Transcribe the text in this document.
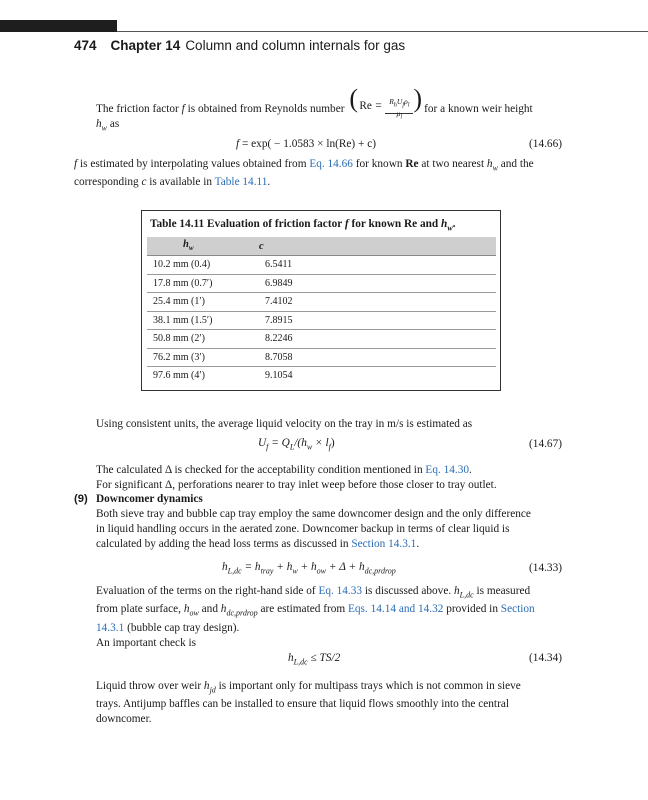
474 Chapter 14 Column and column internals for gas
The friction factor f is obtained from Reynolds number ( Re =	$R_hU_f\rho_l$
$\mu_l$
) for a known weir height
$h_w$ as
f = exp( − 1.0583 × ln(Re) + c)	(14.66)
f is estimated by interpolating values obtained from Eq. 14.66 for known Re at two nearest $h_w$ and the
corresponding c is available in Table 14.11.
Table 14.11 Evaluation of friction factor f for known Re and $h_w$.
$h_w$	c
10.2 mm (0.4)	6.5411
17.8 mm (0.7′)	6.9849
25.4 mm (1′)	7.4102
38.1 mm (1.5′)	7.8915
50.8 mm (2′)	8.2246
76.2 mm (3′)	8.7058
97.6 mm (4′)	9.1054
Using consistent units, the average liquid velocity on the tray in m/s is estimated as
$U_f = Q_L/(h_w \times l_f)$	(14.67)
The calculated Δ is checked for the acceptability condition mentioned in Eq. 14.30.
For significant Δ, perforations nearer to tray inlet weep before those closer to tray outlet.
(9) Downcomer dynamics
Both sieve tray and bubble cap tray employ the same downcomer design and the only difference
in liquid handling occurs in the aerated zone. Downcomer backup in terms of clear liquid is
calculated by adding the head loss terms as discussed in Section 14.3.1.
$h_{L,dc} = h_{tray} + h_w + h_{ow} + \Delta + h_{dc,prdrop}$	(14.33)
Evaluation of the terms on the right-hand side of Eq. 14.33 is discussed above. $h_{L,dc}$ is measured
from plate surface, $h_{ow}$ and $h_{dc,prdrop}$ are estimated from Eqs. 14.14 and 14.32 provided in Section
14.3.1 (bubble cap tray design).
An important check is
$h_{L,dc} \le TS/2$	(14.34)
Liquid throw over weir $h_{jd}$ is important only for multipass trays which is not common in sieve
trays. Antijump baffles can be installed to ensure that liquid flows smoothly into the central
downcomer.
